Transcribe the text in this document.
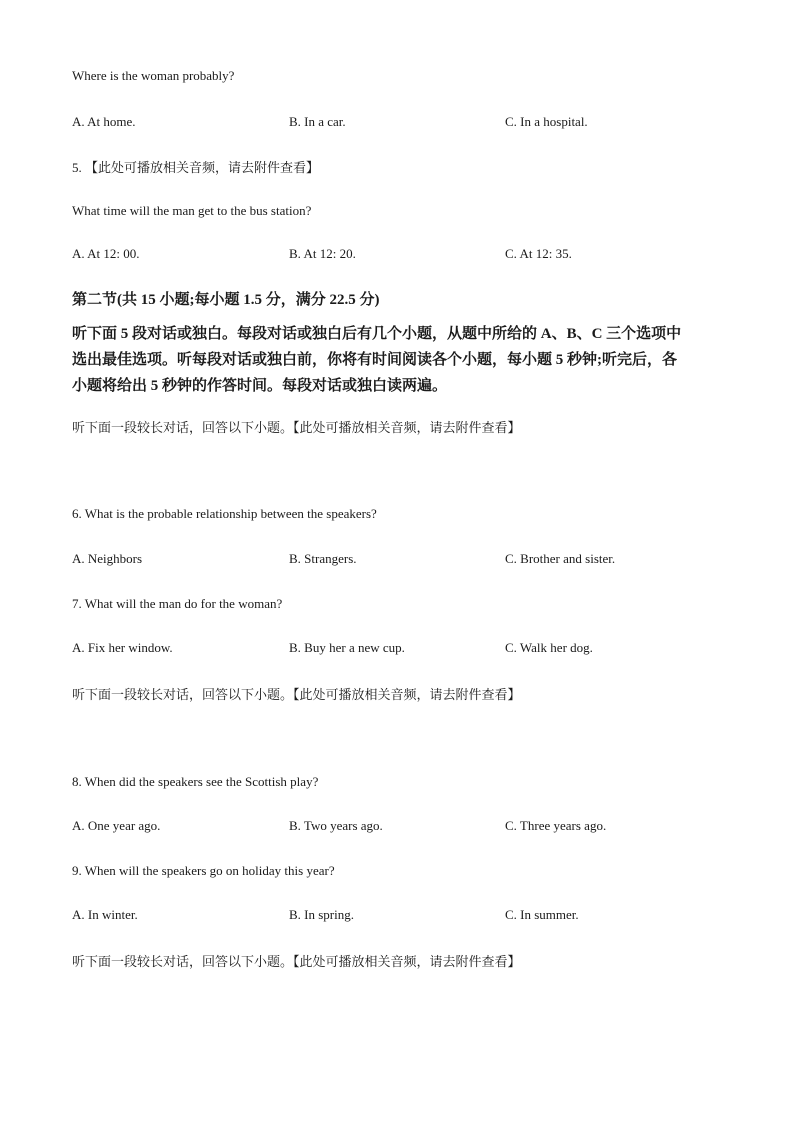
Where is the woman probably?
A. At home.	B. In a car.	C. In a hospital.
5. 【此处可播放相关音频，请去附件查看】
What time will the man get to the bus station?
A. At 12: 00.	B. At 12: 20.	C. At 12: 35.
第二节(共 15 小题;每小题 1.5 分，满分 22.5 分)
听下面 5 段对话或独白。每段对话或独白后有几个小题，从题中所给的 A、B、C 三个选项中
选出最佳选项。听每段对话或独白前，你将有时间阅读各个小题，每小题 5 秒钟;听完后，各
小题将给出 5 秒钟的作答时间。每段对话或独白读两遍。
听下面一段较长对话，回答以下小题。【此处可播放相关音频，请去附件查看】
6. What is the probable relationship between the speakers?
A. Neighbors	B. Strangers.	C. Brother and sister.
7. What will the man do for the woman?
A. Fix her window.	B. Buy her a new cup.	C. Walk her dog.
听下面一段较长对话，回答以下小题。【此处可播放相关音频，请去附件查看】
8. When did the speakers see the Scottish play?
A. One year ago.	B. Two years ago.	C. Three years ago.
9. When will the speakers go on holiday this year?
A. In winter.	B. In spring.	C. In summer.
听下面一段较长对话，回答以下小题。【此处可播放相关音频，请去附件查看】
